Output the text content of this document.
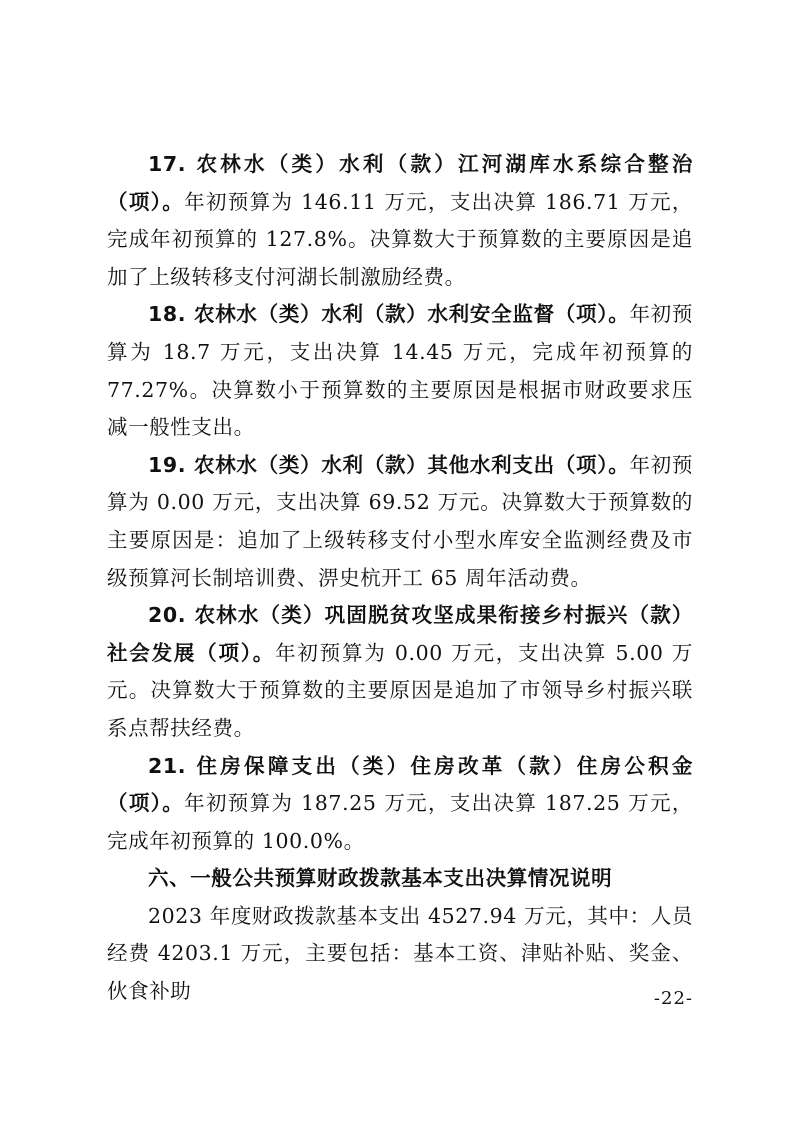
17. 农林水（类）水利（款）江河湖库水系综合整治（项）。年初预算为 146.11 万元，支出决算 186.71 万元，完成年初预算的 127.8%。决算数大于预算数的主要原因是追加了上级转移支付河湖长制激励经费。

18. 农林水（类）水利（款）水利安全监督（项）。年初预算为 18.7 万元，支出决算 14.45 万元，完成年初预算的 77.27%。决算数小于预算数的主要原因是根据市财政要求压减一般性支出。

19. 农林水（类）水利（款）其他水利支出（项）。年初预算为 0.00 万元，支出决算 69.52 万元。决算数大于预算数的主要原因是：追加了上级转移支付小型水库安全监测经费及市级预算河长制培训费、淠史杭开工 65 周年活动费。

20. 农林水（类）巩固脱贫攻坚成果衔接乡村振兴（款）社会发展（项）。年初预算为 0.00 万元，支出决算 5.00 万元。决算数大于预算数的主要原因是追加了市领导乡村振兴联系点帮扶经费。

21. 住房保障支出（类）住房改革（款）住房公积金（项）。年初预算为 187.25 万元，支出决算 187.25 万元，完成年初预算的 100.0%。

六、一般公共预算财政拨款基本支出决算情况说明

2023 年度财政拨款基本支出 4527.94 万元，其中：人员经费 4203.1 万元，主要包括：基本工资、津贴补贴、奖金、伙食补助	-22-
